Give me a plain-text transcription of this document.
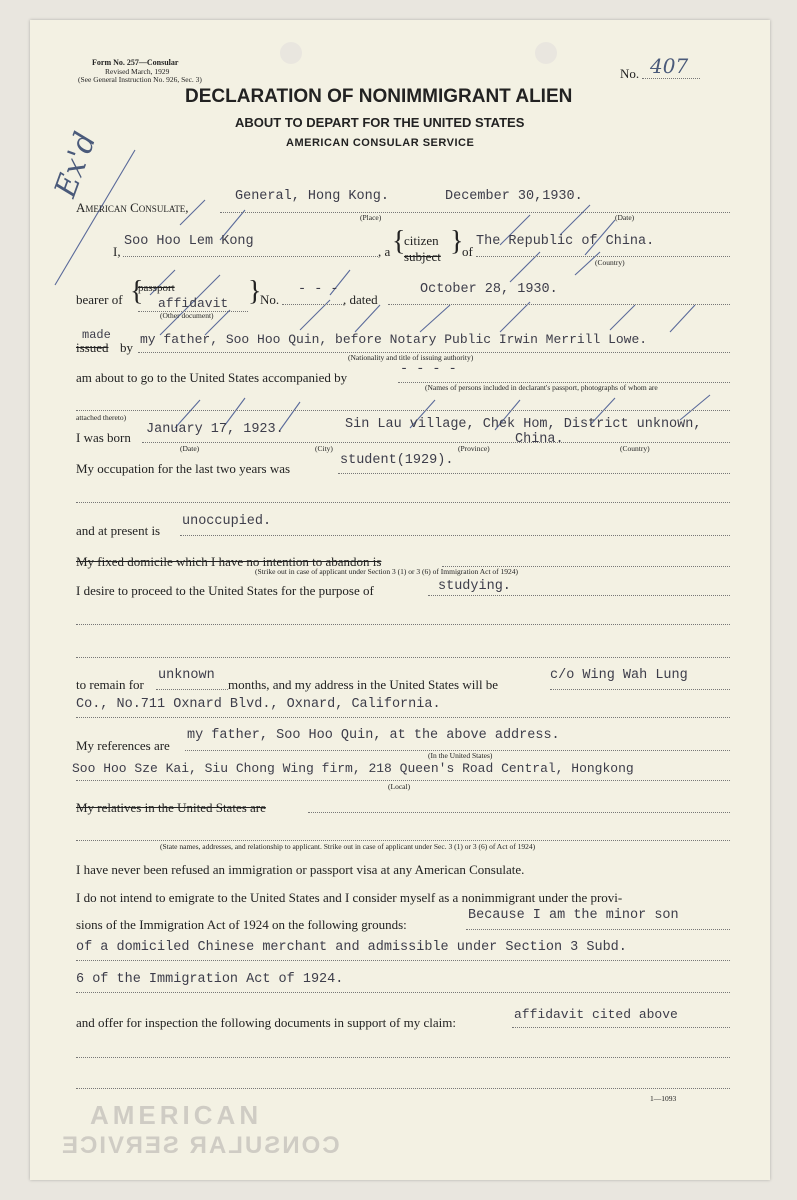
Form No. 257—Consular
Revised March, 1929
(See General Instruction No. 926, Sec. 3)	No. 407
DECLARATION OF NONIMMIGRANT ALIEN
ABOUT TO DEPART FOR THE UNITED STATES
AMERICAN CONSULAR SERVICE
Ex'd
American Consulate,
General, Hong Kong.	December 30,1930.
(Place)	(Date)
I,
Soo Hoo Lem Kong
, a {
citizen
subject }
of
The Republic of China.
(Country)
bearer of {
passport
affidavit
(Other document)
}
No.
- - -
, dated
October 28, 1930.
made
issued by
my father, Soo Hoo Quin, before Notary Public Irwin Merrill Lowe.
(Nationality and title of issuing authority)
am about to go to the United States accompanied by
- - - -
(Names of persons included in declarant's passport, photographs of whom are
attached thereto)
I was born
January 17, 1923.	Sin Lau village, Chek Hom, District unknown,
China.
(Date)	(City)	(Province)	(Country)
My occupation for the last two years was
student(1929).
and at present is
unoccupied.
My fixed domicile which I have no intention to abandon is
(Strike out in case of applicant under Section 3 (1) or 3 (6) of Immigration Act of 1924)
I desire to proceed to the United States for the purpose of	studying.
to remain for
unknown
months, and my address in the United States will be
c/o Wing Wah Lung
Co., No.711 Oxnard Blvd., Oxnard, California.
My references are
my father, Soo Hoo Quin, at the above address.
(In the United States)
Soo Hoo Sze Kai, Siu Chong Wing firm, 218 Queen's Road Central, Hongkong
(Local)
My relatives in the United States are
(State names, addresses, and relationship to applicant. Strike out in case of applicant under Sec. 3 (1) or 3 (6) of Act of 1924)
I have never been refused an immigration or passport visa at any American Consulate.
I do not intend to emigrate to the United States and I consider myself as a nonimmigrant under the provi-
sions of the Immigration Act of 1924 on the following grounds:
Because I am the minor son
of a domiciled Chinese merchant and admissible under Section 3 Subd.
6 of the Immigration Act of 1924.
and offer for inspection the following documents in support of my claim:
affidavit cited above
1—1093
AMERICAN
CONSULAR SERVICE
